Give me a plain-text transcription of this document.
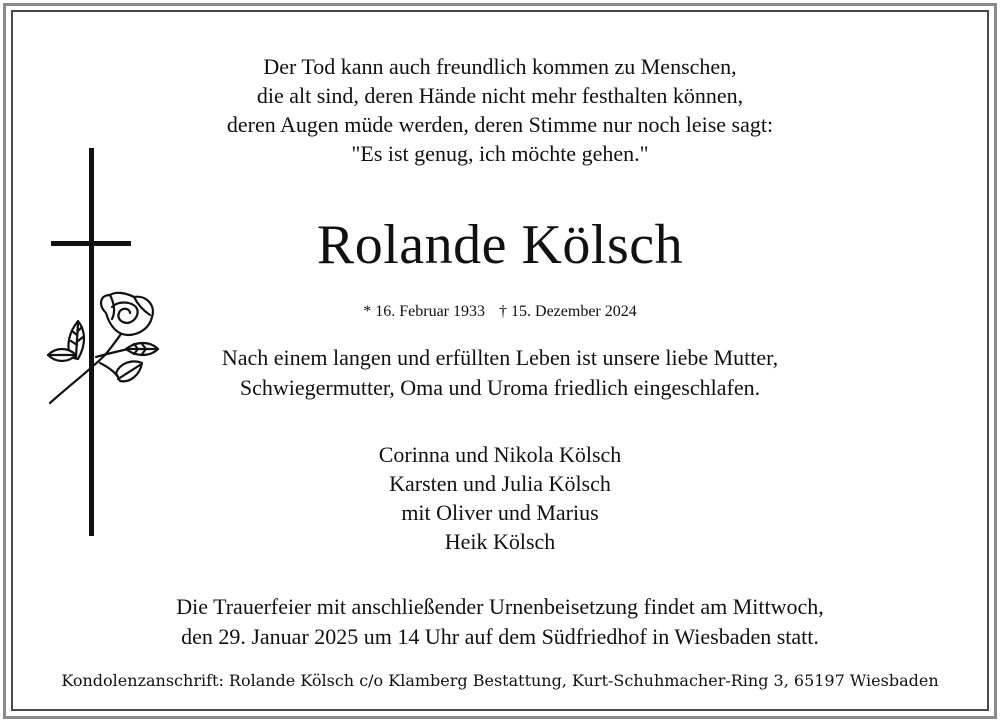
Der Tod kann auch freundlich kommen zu Menschen,
die alt sind, deren Hände nicht mehr festhalten können,
deren Augen müde werden, deren Stimme nur noch leise sagt:
"Es ist genug, ich möchte gehen."
Rolande Kölsch
* 16. Februar 1933 † 15. Dezember 2024
Nach einem langen und erfüllten Leben ist unsere liebe Mutter,
Schwiegermutter, Oma und Uroma friedlich eingeschlafen.
Corinna und Nikola Kölsch
Karsten und Julia Kölsch
mit Oliver und Marius
Heik Kölsch
Die Trauerfeier mit anschließender Urnenbeisetzung findet am Mittwoch,
den 29. Januar 2025 um 14 Uhr auf dem Südfriedhof in Wiesbaden statt.
Kondolenzanschrift: Rolande Kölsch c/o Klamberg Bestattung, Kurt-Schuhmacher-Ring 3, 65197 Wiesbaden
